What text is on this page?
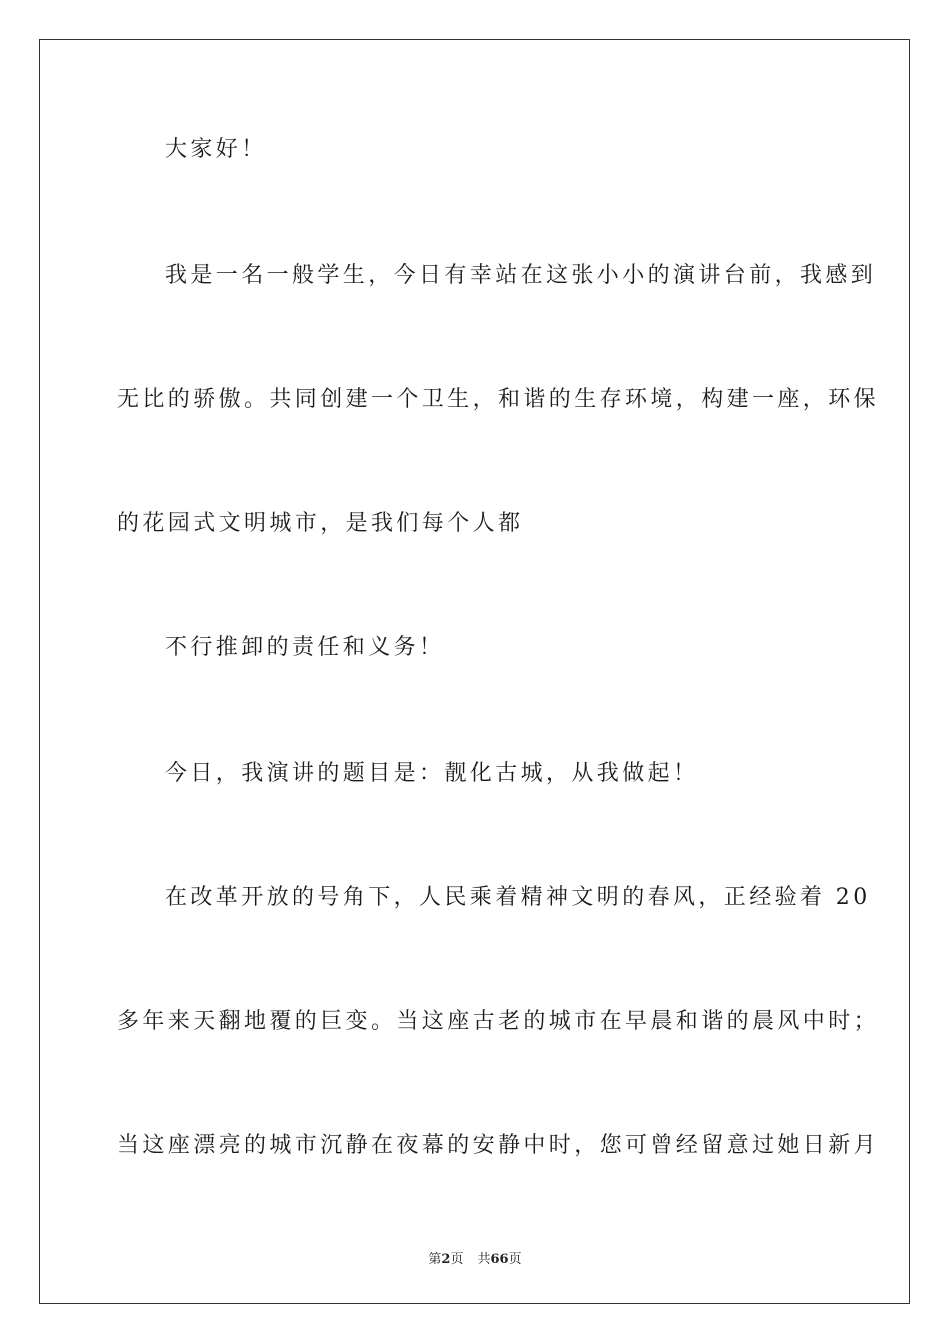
大家好！
我是一名一般学生，今日有幸站在这张小小的演讲台前，我感到
无比的骄傲。共同创建一个卫生，和谐的生存环境，构建一座，环保
的花园式文明城市，是我们每个人都
不行推卸的责任和义务！
今日，我演讲的题目是：靓化古城，从我做起！
在改革开放的号角下，人民乘着精神文明的春风，正经验着 20
多年来天翻地覆的巨变。当这座古老的城市在早晨和谐的晨风中时；
当这座漂亮的城市沉静在夜幕的安静中时，您可曾经留意过她日新月
第2页 共66页
